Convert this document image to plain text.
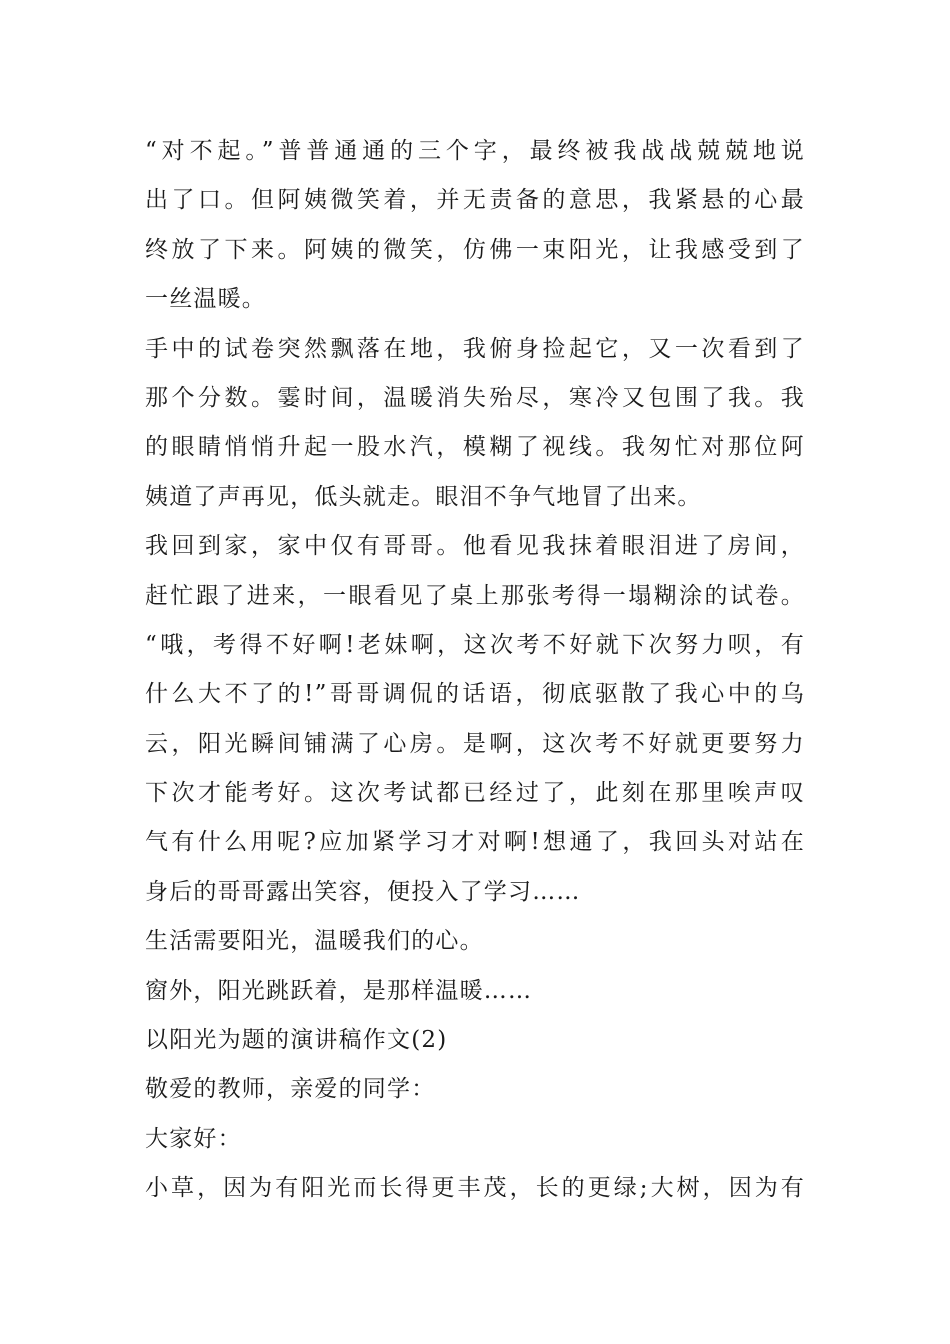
“对不起。”普普通通的三个字，最终被我战战兢兢地说
出了口。但阿姨微笑着，并无责备的意思，我紧悬的心最
终放了下来。阿姨的微笑，仿佛一束阳光，让我感受到了
一丝温暖。
手中的试卷突然飘落在地，我俯身捡起它，又一次看到了
那个分数。霎时间，温暖消失殆尽，寒冷又包围了我。我
的眼睛悄悄升起一股水汽，模糊了视线。我匆忙对那位阿
姨道了声再见，低头就走。眼泪不争气地冒了出来。
我回到家，家中仅有哥哥。他看见我抹着眼泪进了房间，
赶忙跟了进来，一眼看见了桌上那张考得一塌糊涂的试卷。
“哦，考得不好啊!老妹啊，这次考不好就下次努力呗，有
什么大不了的!”哥哥调侃的话语，彻底驱散了我心中的乌
云，阳光瞬间铺满了心房。是啊，这次考不好就更要努力
下次才能考好。这次考试都已经过了，此刻在那里唉声叹
气有什么用呢?应加紧学习才对啊!想通了，我回头对站在
身后的哥哥露出笑容，便投入了学习……
生活需要阳光，温暖我们的心。
窗外，阳光跳跃着，是那样温暖……
以阳光为题的演讲稿作文(2)
敬爱的教师，亲爱的同学：
大家好：
小草，因为有阳光而长得更丰茂，长的更绿;大树，因为有
